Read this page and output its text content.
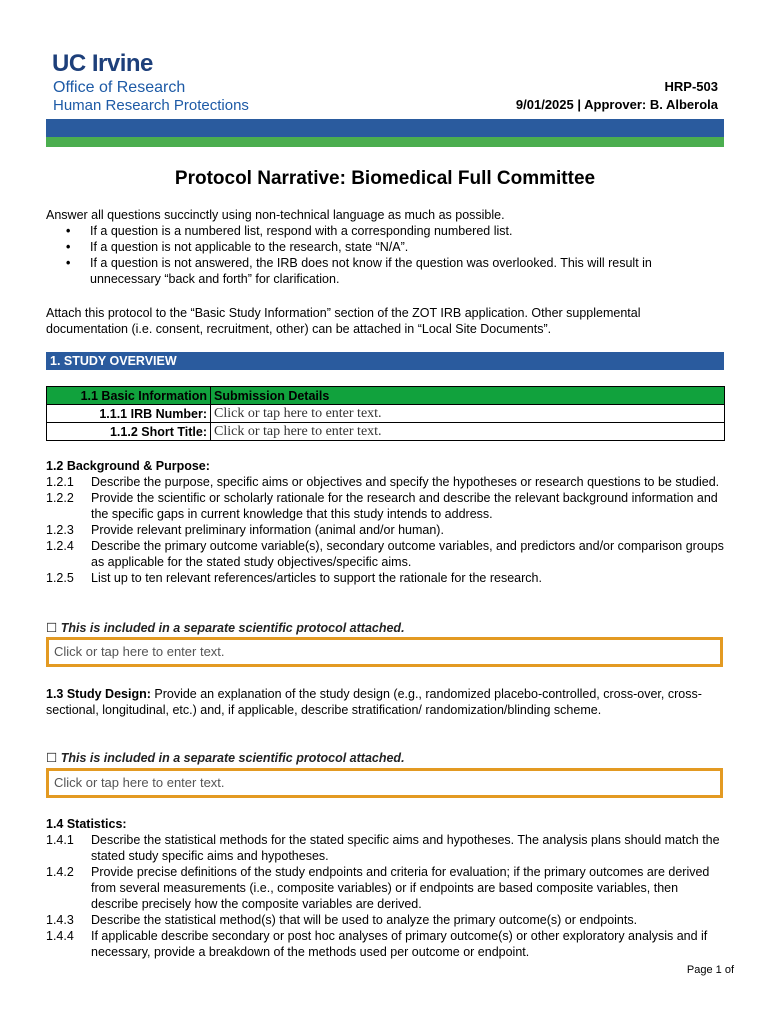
UC Irvine
Office of Research
Human Research Protections
HRP-503
9/01/2025 | Approver: B. Alberola
Protocol Narrative: Biomedical Full Committee
Answer all questions succinctly using non-technical language as much as possible.
• If a question is a numbered list, respond with a corresponding numbered list.
• If a question is not applicable to the research, state “N/A”.
• If a question is not answered, the IRB does not know if the question was overlooked. This will result in unnecessary “back and forth” for clarification.
Attach this protocol to the “Basic Study Information” section of the ZOT IRB application. Other supplemental documentation (i.e. consent, recruitment, other) can be attached in “Local Site Documents”.
1. STUDY OVERVIEW
1.1 Basic Information	Submission Details
1.1.1 IRB Number:	Click or tap here to enter text.
1.1.2 Short Title:	Click or tap here to enter text.
1.2 Background & Purpose:
1.2.1 Describe the purpose, specific aims or objectives and specify the hypotheses or research questions to be studied.
1.2.2 Provide the scientific or scholarly rationale for the research and describe the relevant background information and the specific gaps in current knowledge that this study intends to address.
1.2.3 Provide relevant preliminary information (animal and/or human).
1.2.4 Describe the primary outcome variable(s), secondary outcome variables, and predictors and/or comparison groups as applicable for the stated study objectives/specific aims.
1.2.5 List up to ten relevant references/articles to support the rationale for the research.
☐ This is included in a separate scientific protocol attached.
Click or tap here to enter text.
1.3 Study Design: Provide an explanation of the study design (e.g., randomized placebo-controlled, cross-over, cross-sectional, longitudinal, etc.) and, if applicable, describe stratification/ randomization/blinding scheme.
☐ This is included in a separate scientific protocol attached.
Click or tap here to enter text.
1.4 Statistics:
1.4.1 Describe the statistical methods for the stated specific aims and hypotheses. The analysis plans should match the stated study specific aims and hypotheses.
1.4.2 Provide precise definitions of the study endpoints and criteria for evaluation; if the primary outcomes are derived from several measurements (i.e., composite variables) or if endpoints are based composite variables, then describe precisely how the composite variables are derived.
1.4.3 Describe the statistical method(s) that will be used to analyze the primary outcome(s) or endpoints.
1.4.4 If applicable describe secondary or post hoc analyses of primary outcome(s) or other exploratory analysis and if necessary, provide a breakdown of the methods used per outcome or endpoint.
Page 1 of
